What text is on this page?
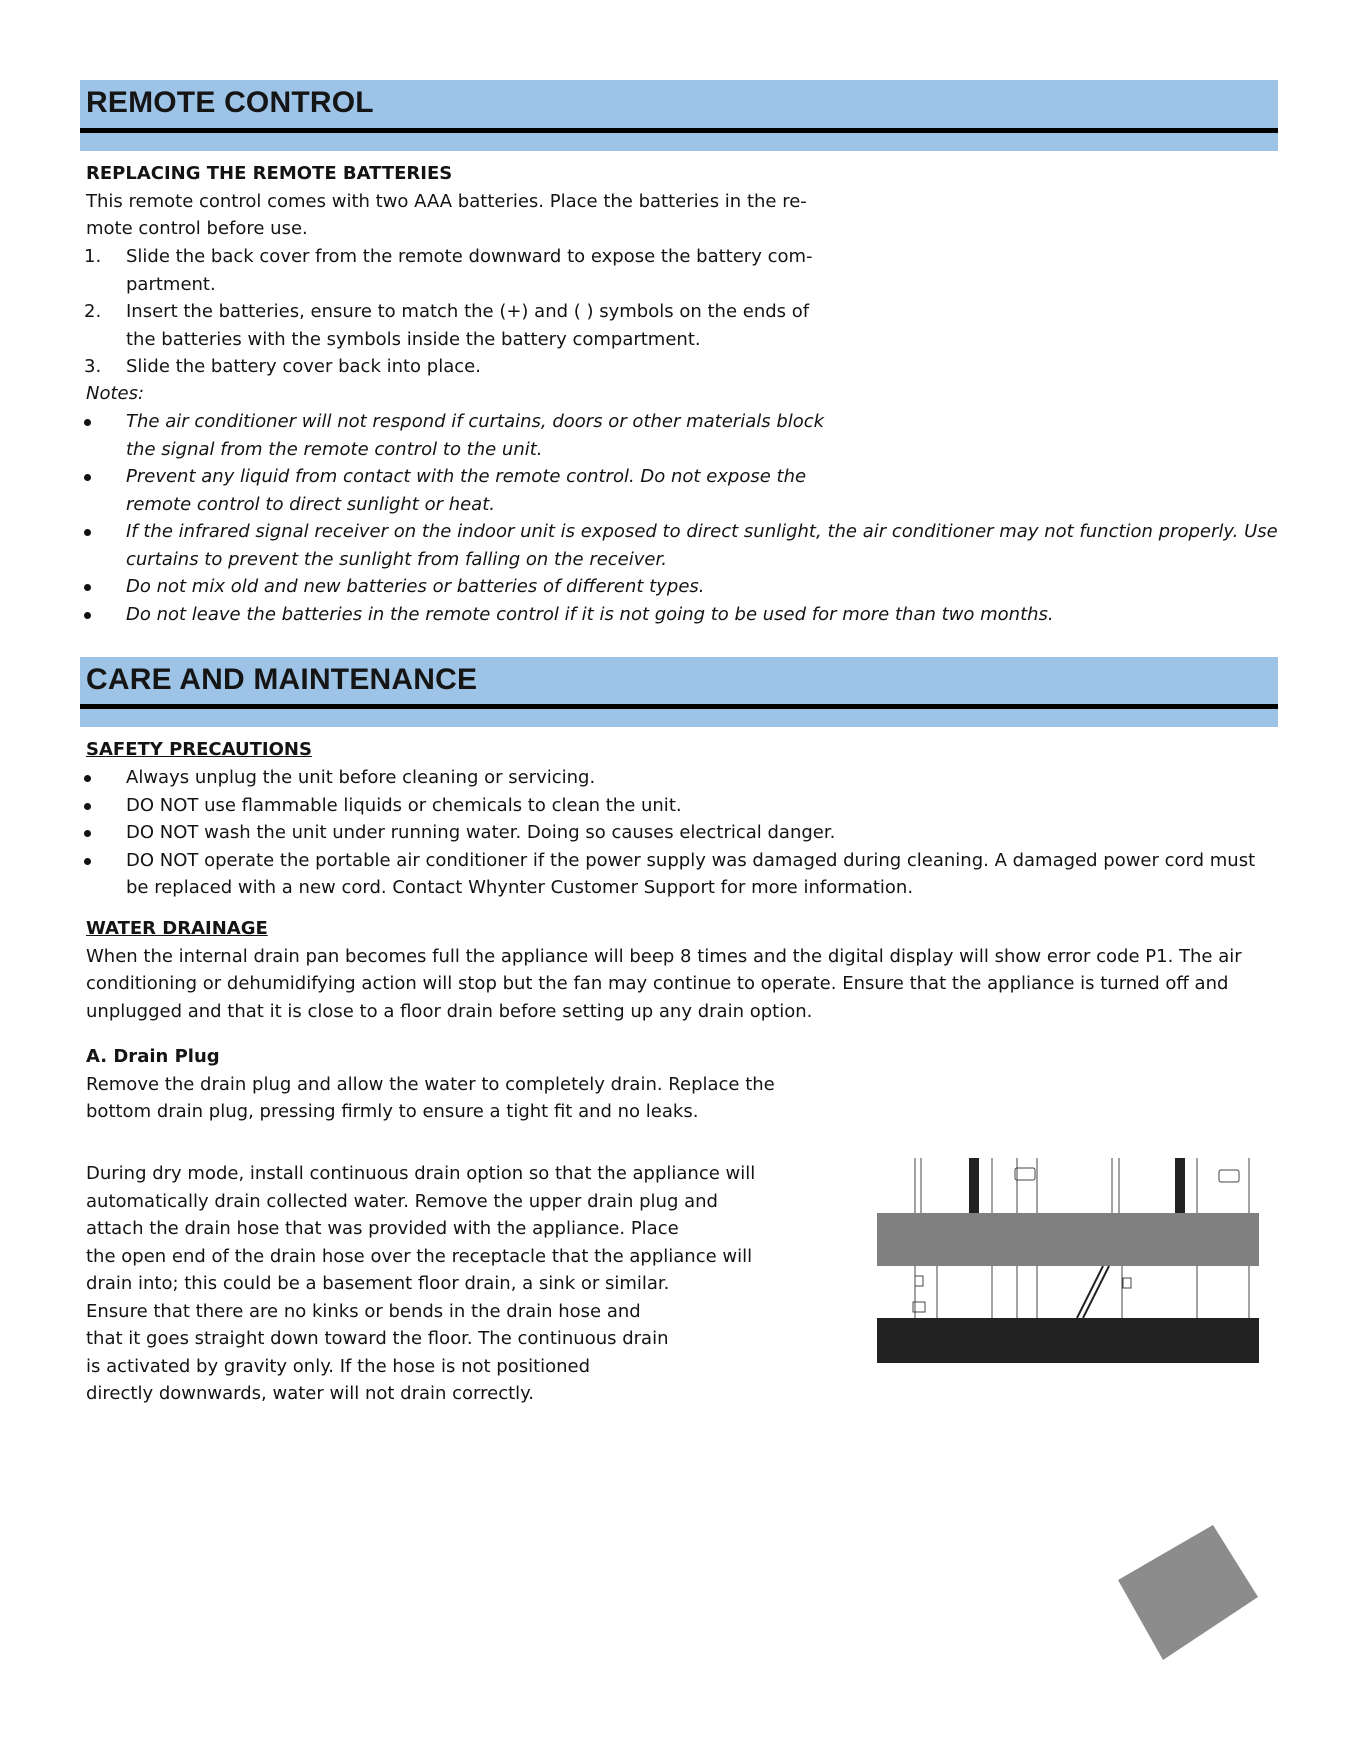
REMOTE CONTROL
REPLACING THE REMOTE BATTERIES
This remote control comes with two AAA batteries. Place the batteries in the re-
mote control before use.
1. Slide the back cover from the remote downward to expose the battery com-
partment.
2. Insert the batteries, ensure to match the (+) and ( ) symbols on the ends of
the batteries with the symbols inside the battery compartment.
3. Slide the battery cover back into place.
Notes:
The air conditioner will not respond if curtains, doors or other materials block
the signal from the remote control to the unit.
Prevent any liquid from contact with the remote control. Do not expose the
remote control to direct sunlight or heat.
If the infrared signal receiver on the indoor unit is exposed to direct sunlight, the air conditioner may not function properly. Use
curtains to prevent the sunlight from falling on the receiver.
Do not mix old and new batteries or batteries of different types.
Do not leave the batteries in the remote control if it is not going to be used for more than two months.
CARE AND MAINTENANCE
SAFETY PRECAUTIONS
Always unplug the unit before cleaning or servicing.
DO NOT use flammable liquids or chemicals to clean the unit.
DO NOT wash the unit under running water. Doing so causes electrical danger.
DO NOT operate the portable air conditioner if the power supply was damaged during cleaning. A damaged power cord must
be replaced with a new cord. Contact Whynter Customer Support for more information.
WATER DRAINAGE
When the internal drain pan becomes full the appliance will beep 8 times and the digital display will show error code P1. The air
conditioning or dehumidifying action will stop but the fan may continue to operate. Ensure that the appliance is turned off and
unplugged and that it is close to a floor drain before setting up any drain option.
A. Drain Plug
Remove the drain plug and allow the water to completely drain. Replace the
bottom drain plug, pressing firmly to ensure a tight fit and no leaks.
During dry mode, install continuous drain option so that the appliance will
automatically drain collected water. Remove the upper drain plug and
attach the drain hose that was provided with the appliance. Place
the open end of the drain hose over the receptacle that the appliance will
drain into; this could be a basement floor drain, a sink or similar.
Ensure that there are no kinks or bends in the drain hose and
that it goes straight down toward the floor. The continuous drain
is activated by gravity only. If the hose is not positioned
directly downwards, water will not drain correctly.
